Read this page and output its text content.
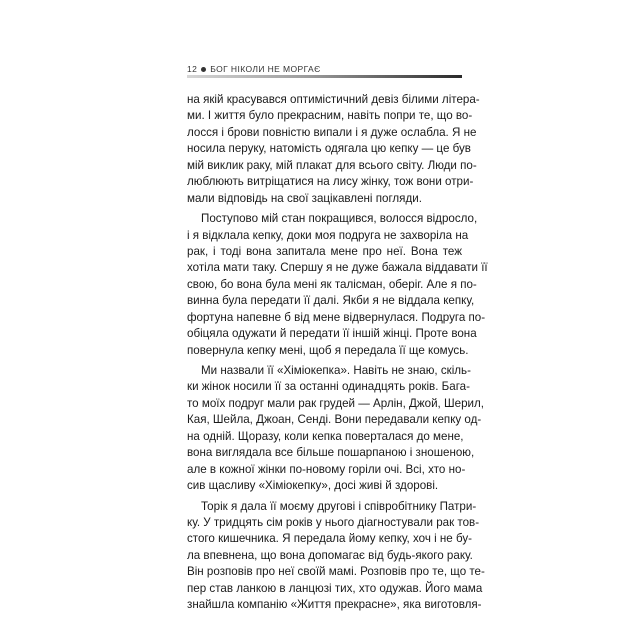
12 БОГ НІКОЛИ НЕ МОРГАЄ
на якій красувався оптимістичний девіз білими літера-
ми. І життя було прекрасним, навіть попри те, що во-
лосся і брови повністю випали і я дуже ослабла. Я не
носила перуку, натомість одягала цю кепку — це був
мій виклик раку, мій плакат для всього світу. Люди по-
люблюють витріщатися на лису жінку, тож вони отри-
мали відповідь на свої зацікавлені погляди.
Поступово мій стан покращився, волосся відросло,
і я відклала кепку, доки моя подруга не захворіла на
рак, і тоді вона запитала мене про неї. Вона теж
хотіла мати таку. Спершу я не дуже бажала віддавати її
свою, бо вона була мені як талісман, оберіг. Але я по-
винна була передати її далі. Якби я не віддала кепку,
фортуна напевне б від мене відвернулася. Подруга по-
обіцяла одужати й передати її іншій жінці. Проте вона
повернула кепку мені, щоб я передала її ще комусь.
Ми назвали її «Хіміокепка». Навіть не знаю, скіль-
ки жінок носили її за останні одинадцять років. Бага-
то моїх подруг мали рак грудей — Арлін, Джой, Шерил,
Кая, Шейла, Джоан, Сенді. Вони передавали кепку од-
на одній. Щоразу, коли кепка поверталася до мене,
вона виглядала все більше пошарпаною і зношеною,
але в кожної жінки по-новому горіли очі. Всі, хто но-
сив щасливу «Хіміокепку», досі живі й здорові.
Торік я дала її моєму другові і співробітнику Патри-
ку. У тридцять сім років у нього діагностували рак тов-
стого кишечника. Я передала йому кепку, хоч і не бу-
ла впевнена, що вона допомагає від будь-якого раку.
Він розповів про неї своїй мамі. Розповів про те, що те-
пер став ланкою в ланцюзі тих, хто одужав. Його мама
знайшла компанію «Життя прекрасне», яка виготовля-
